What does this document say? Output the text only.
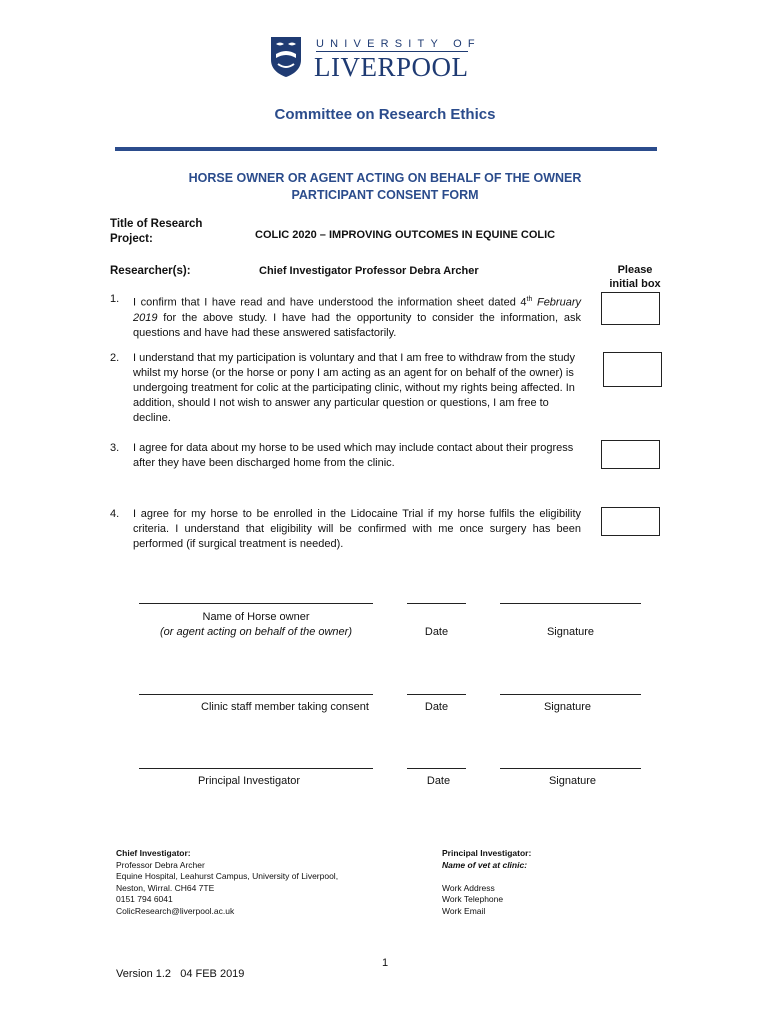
UNIVERSITY OF
LIVERPOOL
Committee on Research Ethics
HORSE OWNER OR AGENT ACTING ON BEHALF OF THE OWNER
PARTICIPANT CONSENT FORM
Title of Research
Project:	COLIC 2020 – IMPROVING OUTCOMES IN EQUINE COLIC
Researcher(s):	Chief Investigator Professor Debra Archer	Please
initial box
1. I confirm that I have read and have understood the information sheet dated 4th February 2019 for the above study. I have had the opportunity to consider the information, ask questions and have had these answered satisfactorily.
2. I understand that my participation is voluntary and that I am free to withdraw from the study whilst my horse (or the horse or pony I am acting as an agent for on behalf of the owner) is undergoing treatment for colic at the participating clinic, without my rights being affected. In addition, should I not wish to answer any particular question or questions, I am free to decline.
3. I agree for data about my horse to be used which may include contact about their progress after they have been discharged home from the clinic.
4. I agree for my horse to be enrolled in the Lidocaine Trial if my horse fulfils the eligibility criteria. I understand that eligibility will be confirmed with me once surgery has been performed (if surgical treatment is needed).
Name of Horse owner
(or agent acting on behalf of the owner)	Date	Signature
Clinic staff member taking consent	Date	Signature
Principal Investigator	Date	Signature
Chief Investigator:
Professor Debra Archer
Equine Hospital, Leahurst Campus, University of Liverpool,
Neston, Wirral. CH64 7TE
0151 794 6041
ColicResearch@liverpool.ac.uk
Principal Investigator:
Name of vet at clinic:
Work Address
Work Telephone
Work Email
1
Version 1.2   04 FEB 2019
